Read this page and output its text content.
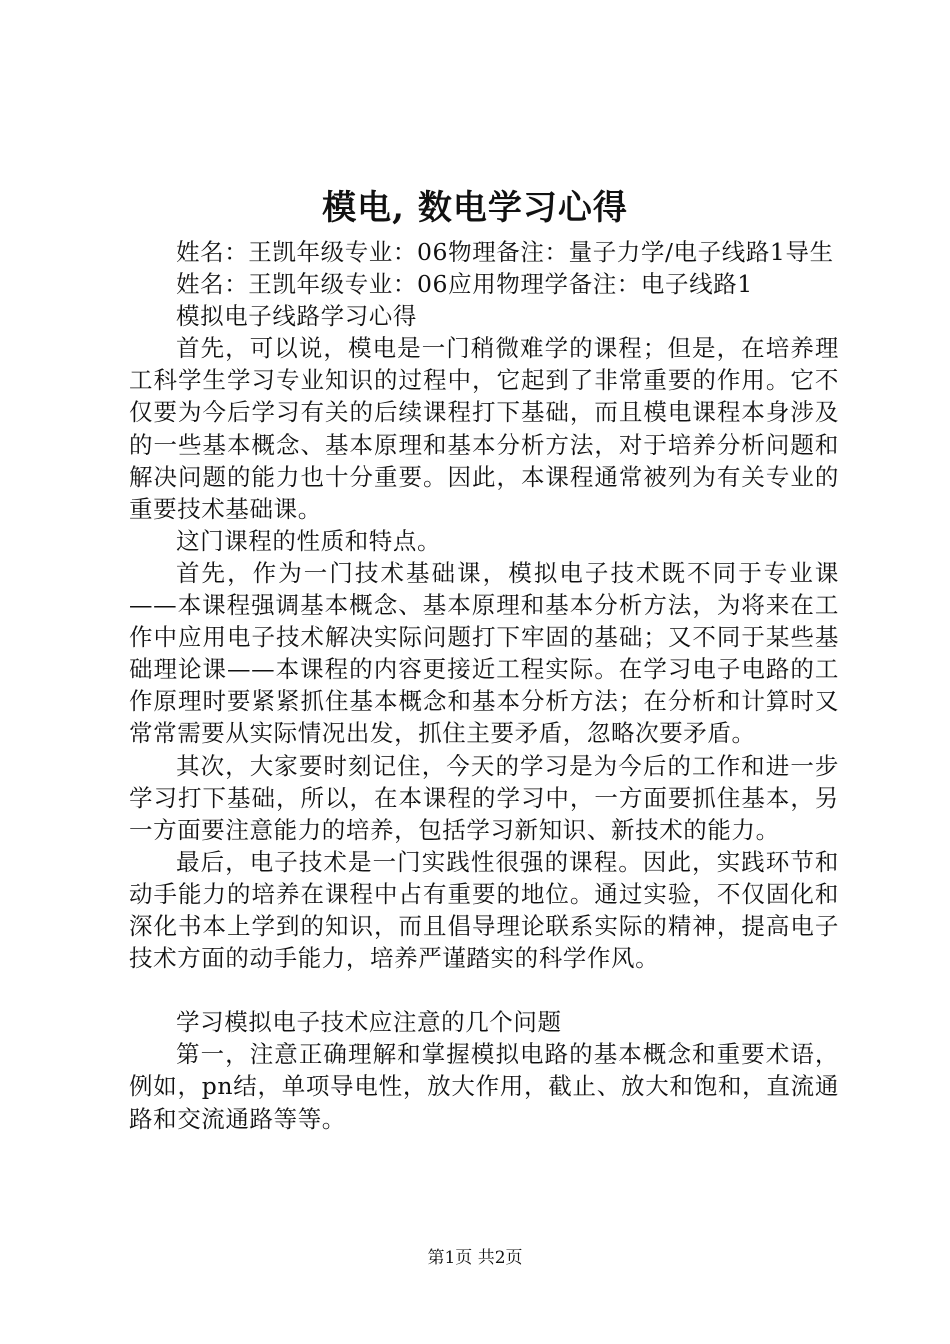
模电, 数电学习心得

姓名：王凯年级专业：06物理备注：量子力学/电子线路1导生

姓名：王凯年级专业：06应用物理学备注：电子线路1

模拟电子线路学习心得

首先，可以说，模电是一门稍微难学的课程；但是，在培养理工科学生学习专业知识的过程中，它起到了非常重要的作用。它不仅要为今后学习有关的后续课程打下基础，而且模电课程本身涉及的一些基本概念、基本原理和基本分析方法，对于培养分析问题和解决问题的能力也十分重要。因此，本课程通常被列为有关专业的重要技术基础课。

这门课程的性质和特点。

首先，作为一门技术基础课，模拟电子技术既不同于专业课——本课程强调基本概念、基本原理和基本分析方法，为将来在工作中应用电子技术解决实际问题打下牢固的基础；又不同于某些基础理论课——本课程的内容更接近工程实际。在学习电子电路的工作原理时要紧紧抓住基本概念和基本分析方法；在分析和计算时又常常需要从实际情况出发，抓住主要矛盾，忽略次要矛盾。

其次，大家要时刻记住，今天的学习是为今后的工作和进一步学习打下基础，所以，在本课程的学习中，一方面要抓住基本，另一方面要注意能力的培养，包括学习新知识、新技术的能力。

最后，电子技术是一门实践性很强的课程。因此，实践环节和动手能力的培养在课程中占有重要的地位。通过实验，不仅固化和深化书本上学到的知识，而且倡导理论联系实际的精神，提高电子技术方面的动手能力，培养严谨踏实的科学作风。

学习模拟电子技术应注意的几个问题

第一，注意正确理解和掌握模拟电路的基本概念和重要术语，例如，pn结，单项导电性，放大作用，截止、放大和饱和，直流通路和交流通路等等。

第1页 共2页
